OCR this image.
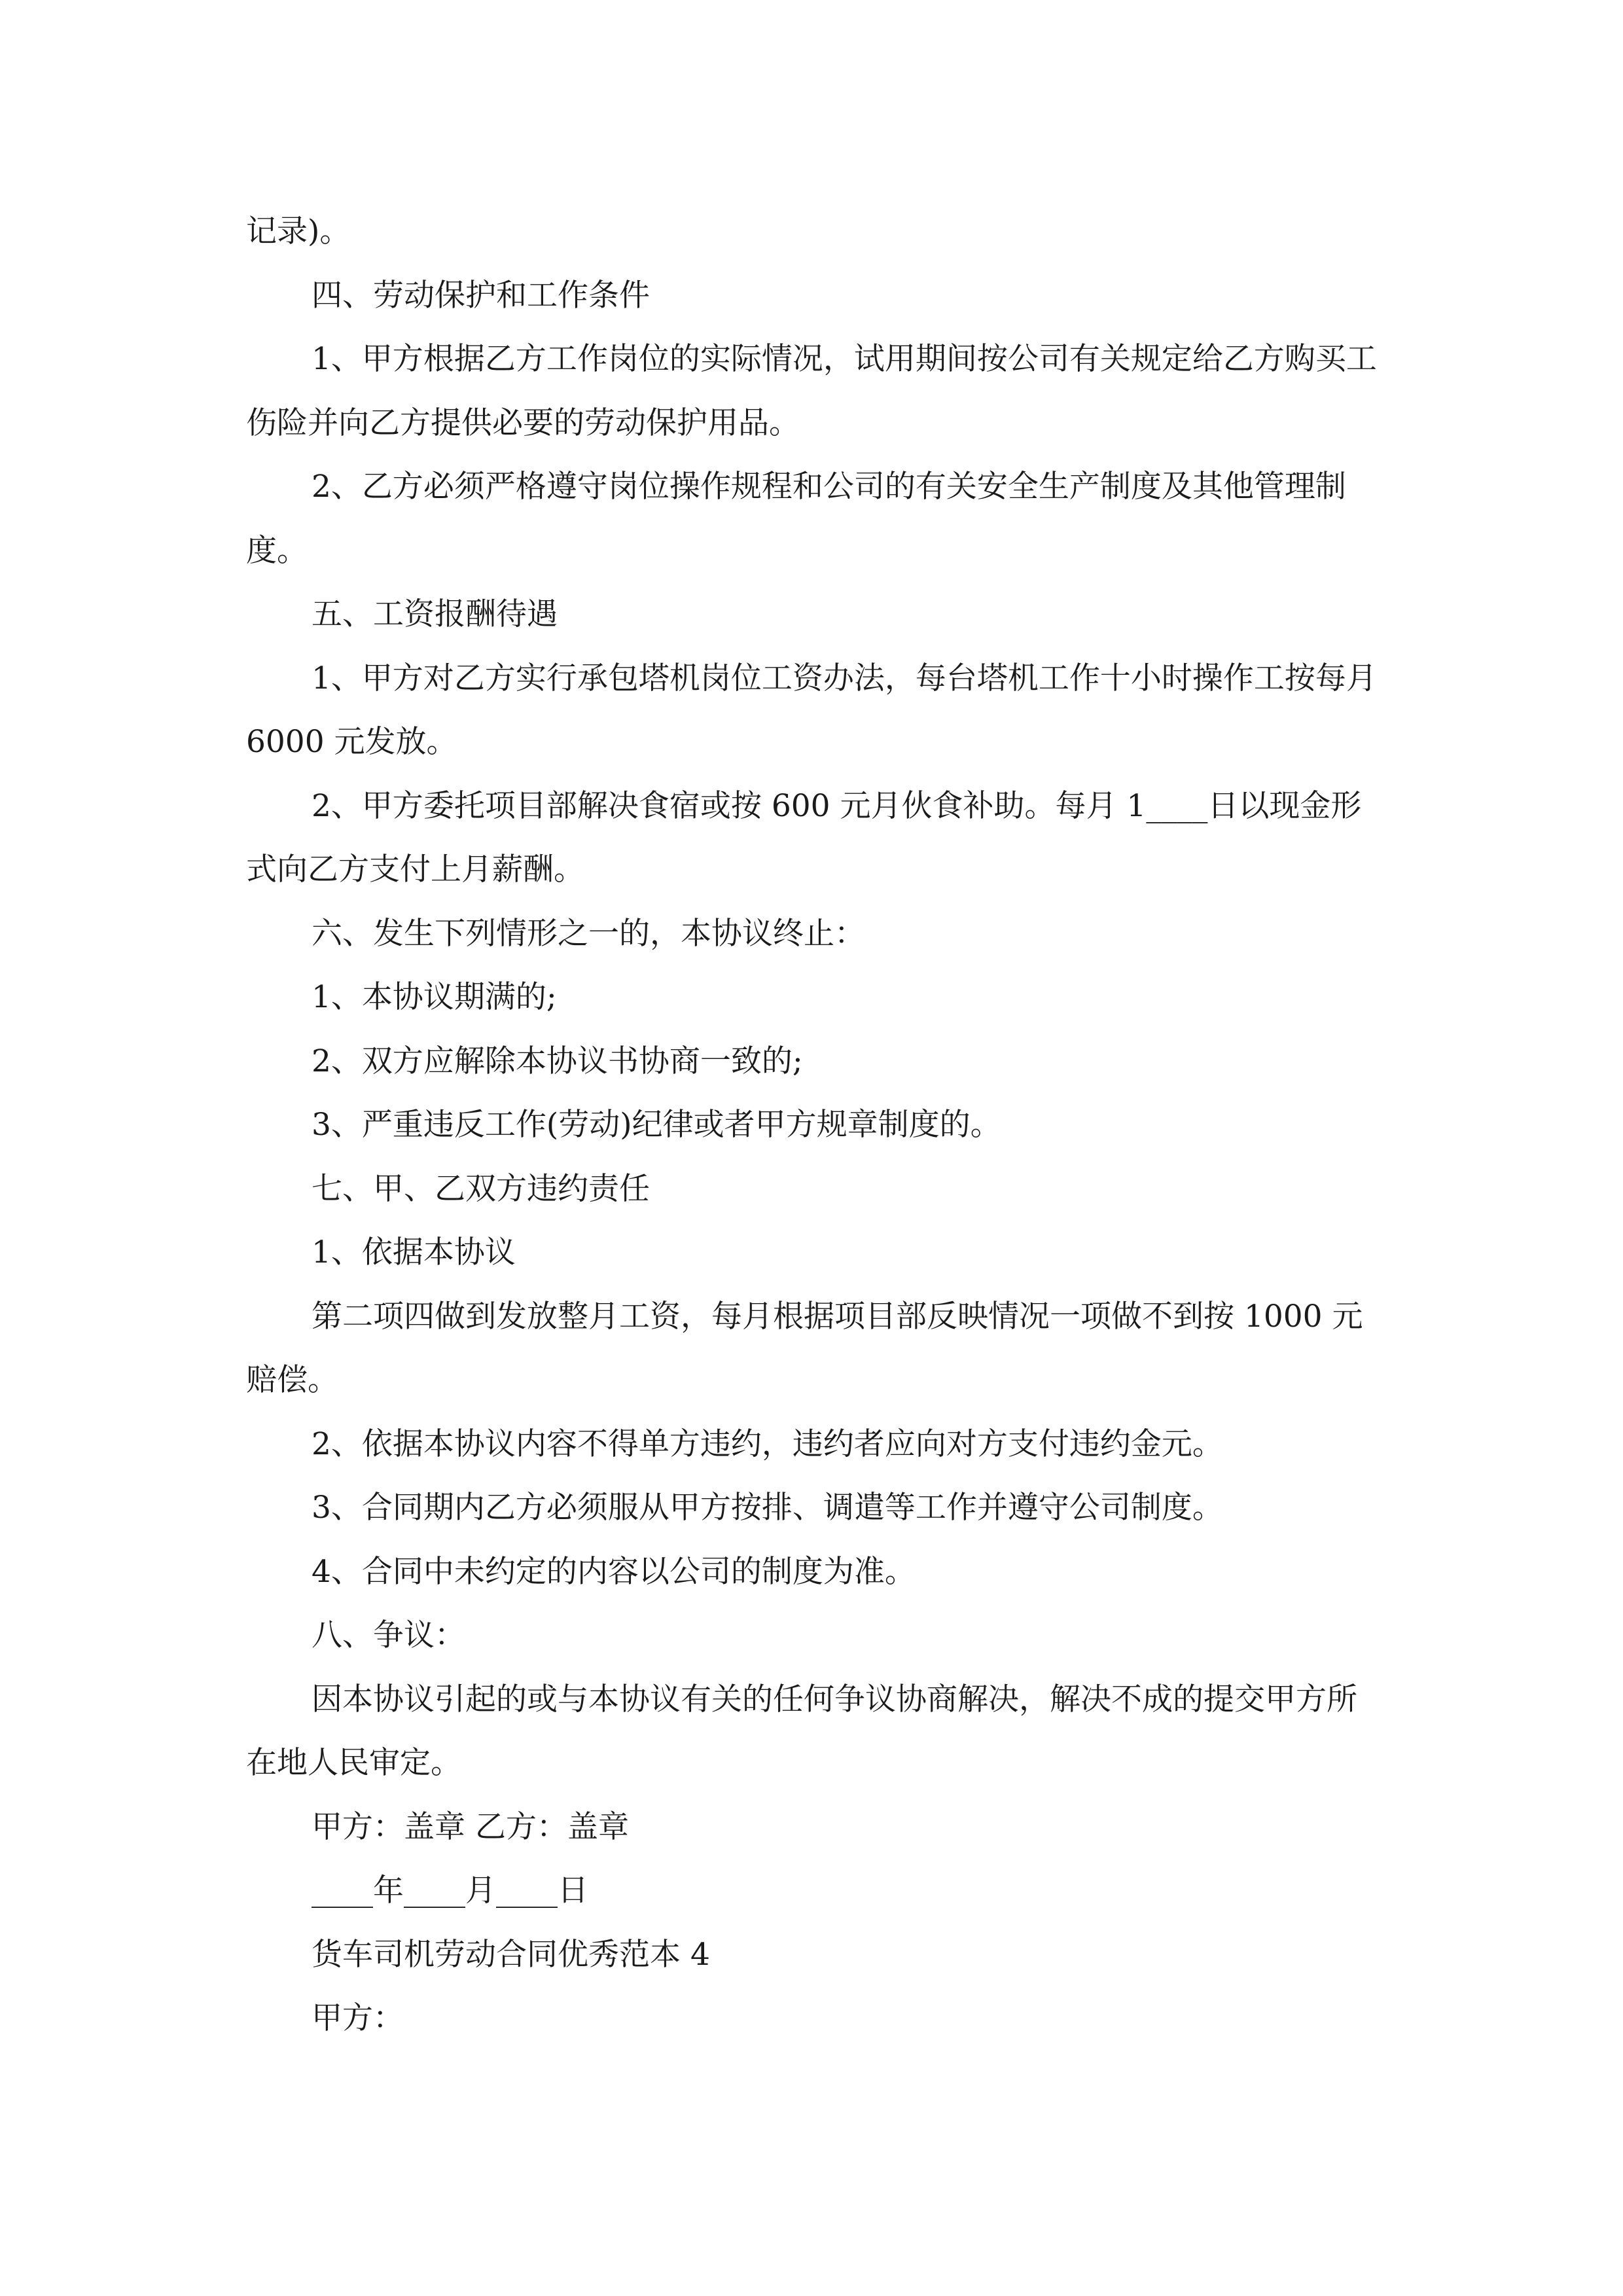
记录)。

四、劳动保护和工作条件

1、甲方根据乙方工作岗位的实际情况，试用期间按公司有关规定给乙方购买工伤险并向乙方提供必要的劳动保护用品。

2、乙方必须严格遵守岗位操作规程和公司的有关安全生产制度及其他管理制度。

五、工资报酬待遇

1、甲方对乙方实行承包塔机岗位工资办法，每台塔机工作十小时操作工按每月 6000 元发放。

2、甲方委托项目部解决食宿或按 600 元月伙食补助。每月 1____日以现金形式向乙方支付上月薪酬。

六、发生下列情形之一的，本协议终止：

1、本协议期满的;

2、双方应解除本协议书协商一致的;

3、严重违反工作(劳动)纪律或者甲方规章制度的。

七、甲、乙双方违约责任

1、依据本协议

第二项四做到发放整月工资，每月根据项目部反映情况一项做不到按 1000 元赔偿。

2、依据本协议内容不得单方违约，违约者应向对方支付违约金元。

3、合同期内乙方必须服从甲方按排、调遣等工作并遵守公司制度。

4、合同中未约定的内容以公司的制度为准。

八、争议：

因本协议引起的或与本协议有关的任何争议协商解决，解决不成的提交甲方所在地人民审定。

甲方：盖章 乙方：盖章

____年____月____日

货车司机劳动合同优秀范本 4

甲方：
